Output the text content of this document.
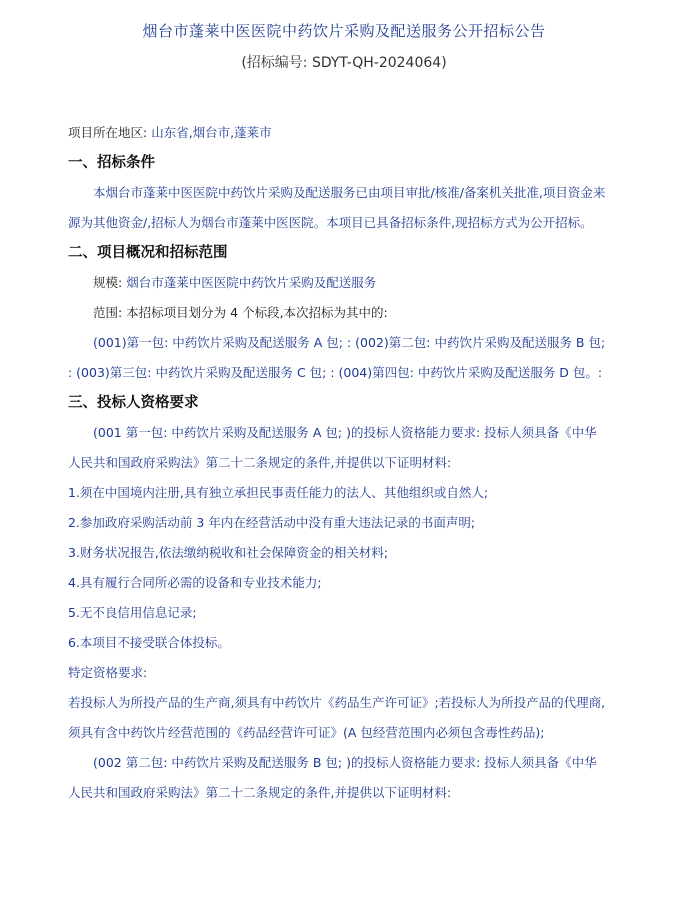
烟台市蓬莱中医医院中药饮片采购及配送服务公开招标公告
(招标编号: SDYT-QH-2024064)

项目所在地区: 山东省,烟台市,蓬莱市

一、招标条件

本烟台市蓬莱中医医院中药饮片采购及配送服务已由项目审批/核准/备案机关批准,项目资金来源为其他资金/,招标人为烟台市蓬莱中医医院。本项目已具备招标条件,现招标方式为公开招标。

二、项目概况和招标范围

规模: 烟台市蓬莱中医医院中药饮片采购及配送服务

范围: 本招标项目划分为 4 个标段,本次招标为其中的:

(001)第一包: 中药饮片采购及配送服务 A 包; : (002)第二包: 中药饮片采购及配送服务 B 包; : (003)第三包: 中药饮片采购及配送服务 C 包; : (004)第四包: 中药饮片采购及配送服务 D 包。:

三、投标人资格要求

(001 第一包: 中药饮片采购及配送服务 A 包; )的投标人资格能力要求: 投标人须具备《中华人民共和国政府采购法》第二十二条规定的条件,并提供以下证明材料:

1.须在中国境内注册,具有独立承担民事责任能力的法人、其他组织或自然人;

2.参加政府采购活动前 3 年内在经营活动中没有重大违法记录的书面声明;

3.财务状况报告,依法缴纳税收和社会保障资金的相关材料;

4.具有履行合同所必需的设备和专业技术能力;

5.无不良信用信息记录;

6.本项目不接受联合体投标。

特定资格要求:

若投标人为所投产品的生产商,须具有中药饮片《药品生产许可证》;若投标人为所投产品的代理商,须具有含中药饮片经营范围的《药品经营许可证》(A 包经营范围内必须包含毒性药品);

(002 第二包: 中药饮片采购及配送服务 B 包; )的投标人资格能力要求: 投标人须具备《中华人民共和国政府采购法》第二十二条规定的条件,并提供以下证明材料:
